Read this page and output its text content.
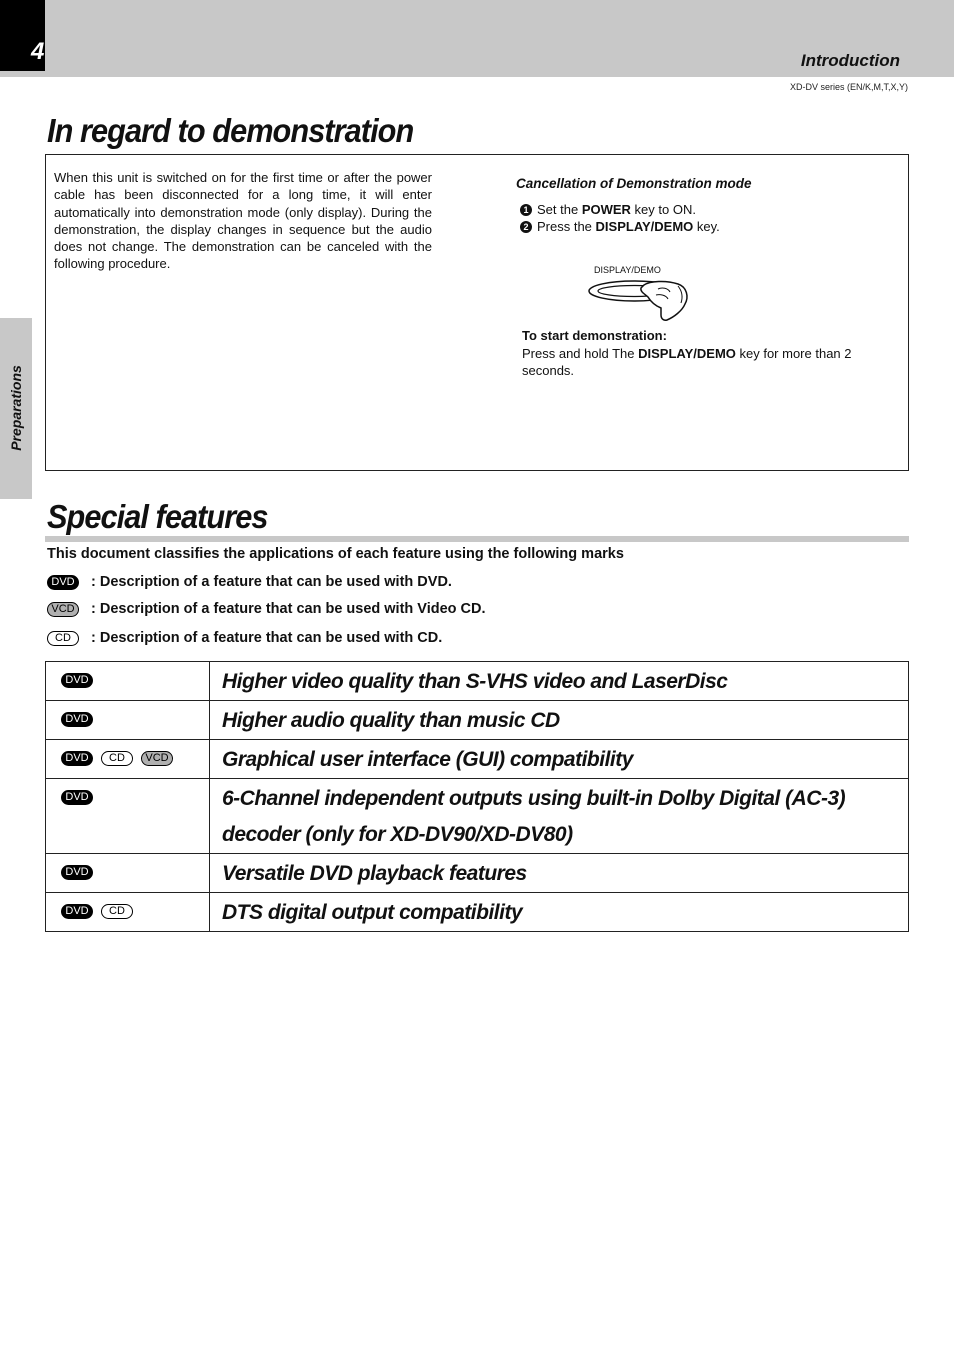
4	Introduction
XD-DV series (EN/K,M,T,X,Y)
Preparations
In regard to demonstration
When this unit is switched on for the first time or after the power cable has been disconnected for a long time, it will enter automatically into demonstration mode (only display). During the demonstration, the display changes in sequence but the audio does not change. The demonstration can be canceled with the following procedure.
Cancellation of Demonstration mode
1 Set the POWER key to ON.
2 Press the DISPLAY/DEMO key.
DISPLAY/DEMO
To start demonstration:
Press and hold The DISPLAY/DEMO key for more than 2 seconds.
Special features
This document classifies the applications of each feature using the following marks
DVD	: Description of a feature that can be used with DVD.
VCD	: Description of a feature that can be used with Video CD.
CD	: Description of a feature that can be used with CD.
DVD	Higher video quality than S-VHS video and LaserDisc
DVD	Higher audio quality than music CD
DVD CD VCD	Graphical user interface (GUI) compatibility
DVD	6-Channel independent outputs using built-in Dolby Digital (AC-3) decoder (only for XD-DV90/XD-DV80)
DVD	Versatile DVD playback features
DVD CD	DTS digital output compatibility
